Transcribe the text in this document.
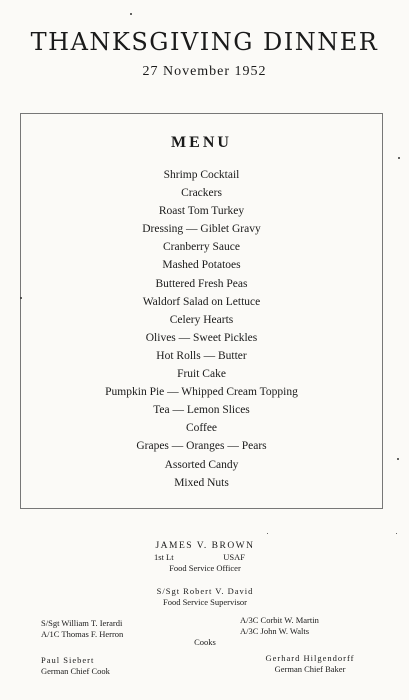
THANKSGIVING DINNER
27 November 1952
MENU
Shrimp Cocktail
Crackers
Roast Tom Turkey
Dressing — Giblet Gravy
Cranberry Sauce
Mashed Potatoes
Buttered Fresh Peas
Waldorf Salad on Lettuce
Celery Hearts
Olives — Sweet Pickles
Hot Rolls — Butter
Fruit Cake
Pumpkin Pie — Whipped Cream Topping
Tea — Lemon Slices
Coffee
Grapes — Oranges — Pears
Assorted Candy
Mixed Nuts
JAMES V. BROWN
1st Lt	USAF
Food Service Officer
S/Sgt Robert V. David
Food Service Supervisor
S/Sgt William T. Ierardi
A/1C Thomas F. Herron
A/3C Corbit W. Martin
A/3C John W. Walts
Cooks
Paul Siebert
German Chief Cook
Gerhard Hilgendorff
German Chief Baker
